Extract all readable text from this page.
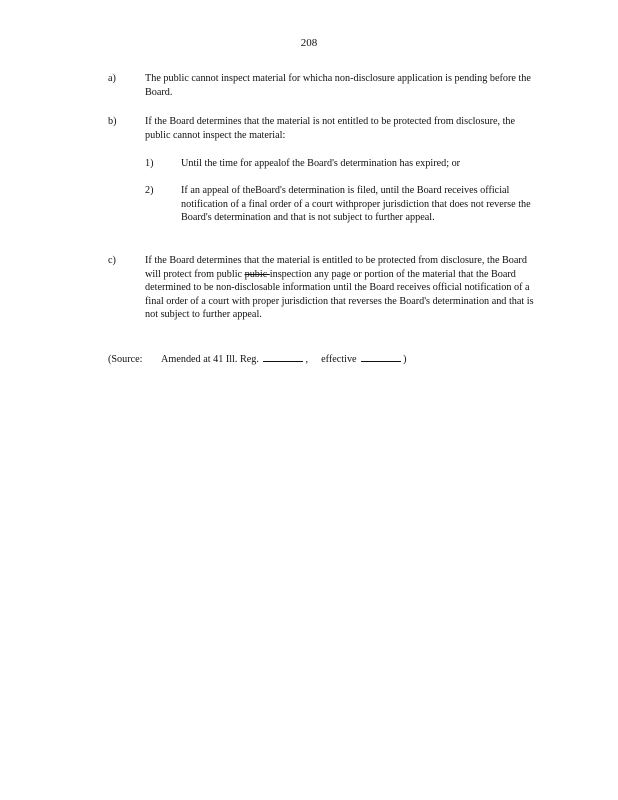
208
a)	The public cannot inspect material for whicha non-disclosure application is pending before the Board.
b)	If the Board determines that the material is not entitled to be protected from disclosure, the public cannot inspect the material:
1)	Until the time for appealof the Board's determination has expired; or
2)	If an appeal of theBoard's determination is filed, until the Board receives official notification of a final order of a court withproper jurisdiction that does not reverse the Board's determination and that is not subject to further appeal.
c)	If the Board determines that the material is entitled to be protected from disclosure, the Board will protect from public pubic inspection any page or portion of the material that the Board determined to be non-disclosable information until the Board receives official notification of a final order of a court with proper jurisdiction that reverses the Board's determination and that is not subject to further appeal.
(Source: Amended at 41 Ill. Reg.	, effective	)
